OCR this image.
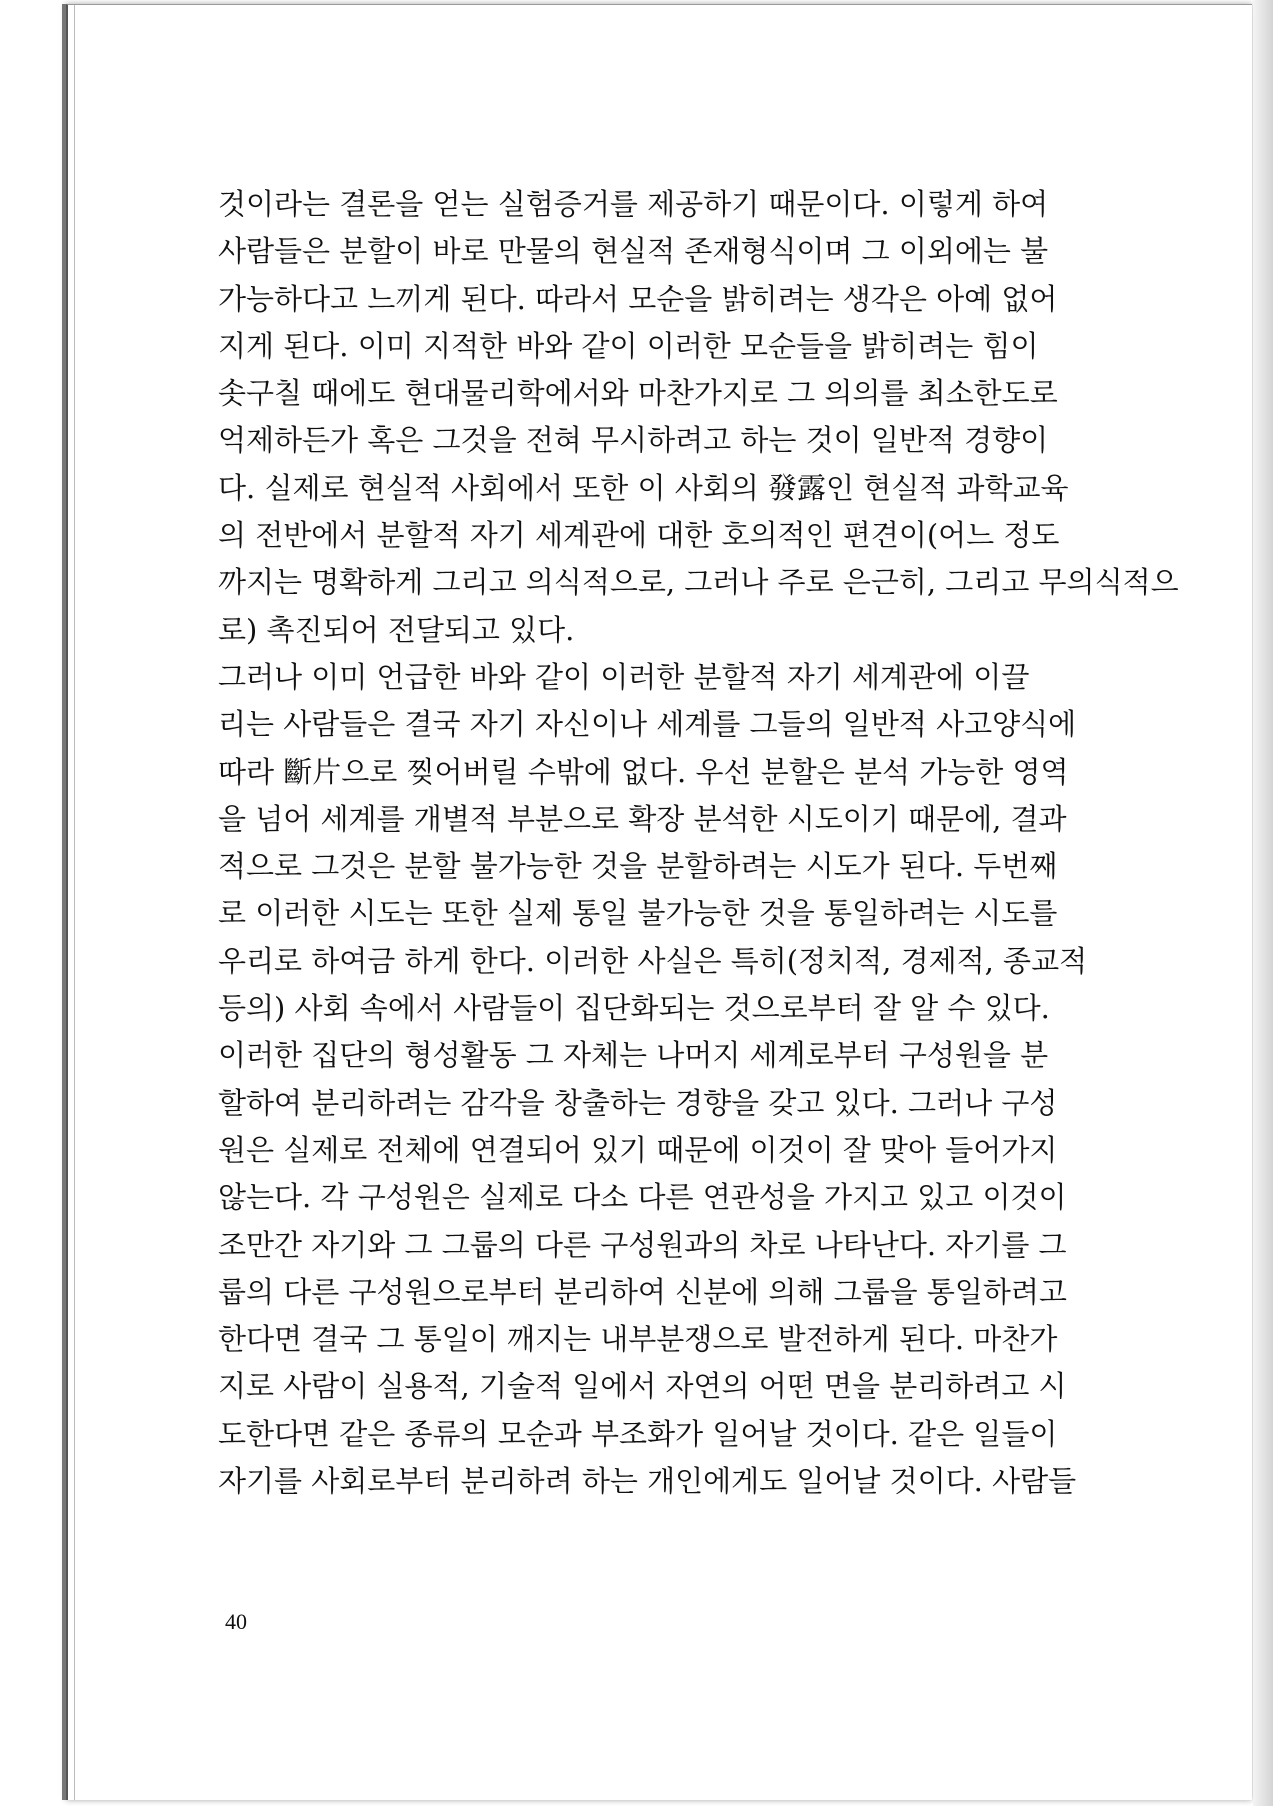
것이라는 결론을 얻는 실험증거를 제공하기 때문이다. 이렇게 하여
사람들은 분할이 바로 만물의 현실적 존재형식이며 그 이외에는 불
가능하다고 느끼게 된다. 따라서 모순을 밝히려는 생각은 아예 없어
지게 된다. 이미 지적한 바와 같이 이러한 모순들을 밝히려는 힘이
솟구칠 때에도 현대물리학에서와 마찬가지로 그 의의를 최소한도로
억제하든가 혹은 그것을 전혀 무시하려고 하는 것이 일반적 경향이
다. 실제로 현실적 사회에서 또한 이 사회의 發露인 현실적 과학교육
의 전반에서 분할적 자기 세계관에 대한 호의적인 편견이(어느 정도
까지는 명확하게 그리고 의식적으로, 그러나 주로 은근히, 그리고 무의식적으
로) 촉진되어 전달되고 있다.

그러나 이미 언급한 바와 같이 이러한 분할적 자기 세계관에 이끌
리는 사람들은 결국 자기 자신이나 세계를 그들의 일반적 사고양식에
따라 斷片으로 찢어버릴 수밖에 없다. 우선 분할은 분석 가능한 영역
을 넘어 세계를 개별적 부분으로 확장 분석한 시도이기 때문에, 결과
적으로 그것은 분할 불가능한 것을 분할하려는 시도가 된다. 두번째
로 이러한 시도는 또한 실제 통일 불가능한 것을 통일하려는 시도를
우리로 하여금 하게 한다. 이러한 사실은 특히(정치적, 경제적, 종교적
등의) 사회 속에서 사람들이 집단화되는 것으로부터 잘 알 수 있다.
이러한 집단의 형성활동 그 자체는 나머지 세계로부터 구성원을 분
할하여 분리하려는 감각을 창출하는 경향을 갖고 있다. 그러나 구성
원은 실제로 전체에 연결되어 있기 때문에 이것이 잘 맞아 들어가지
않는다. 각 구성원은 실제로 다소 다른 연관성을 가지고 있고 이것이
조만간 자기와 그 그룹의 다른 구성원과의 차로 나타난다. 자기를 그
룹의 다른 구성원으로부터 분리하여 신분에 의해 그룹을 통일하려고
한다면 결국 그 통일이 깨지는 내부분쟁으로 발전하게 된다. 마찬가
지로 사람이 실용적, 기술적 일에서 자연의 어떤 면을 분리하려고 시
도한다면 같은 종류의 모순과 부조화가 일어날 것이다. 같은 일들이
자기를 사회로부터 분리하려 하는 개인에게도 일어날 것이다. 사람들

40
